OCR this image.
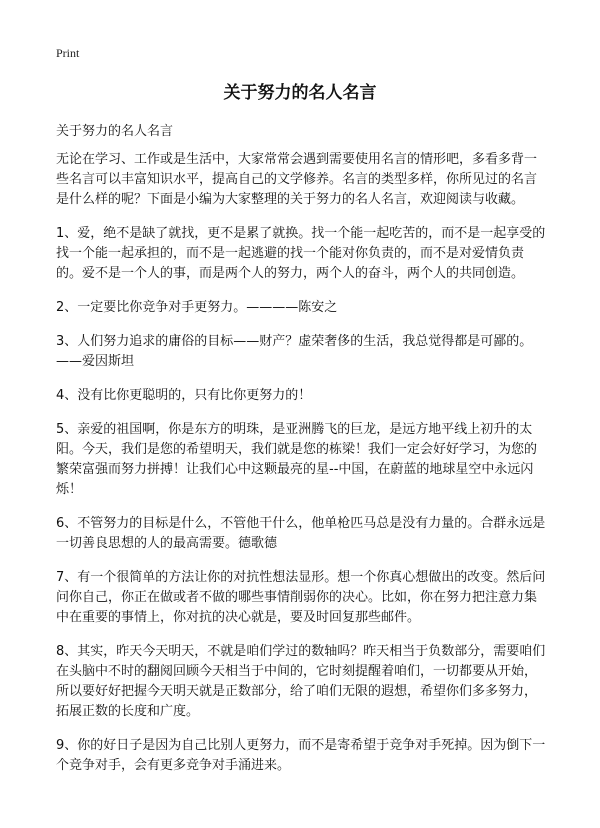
Print
关于努力的名人名言

关于努力的名人名言

无论在学习、工作或是生活中，大家常常会遇到需要使用名言的情形吧，多看多背一些名言可以丰富知识水平，提高自己的文学修养。名言的类型多样，你所见过的名言是什么样的呢？下面是小编为大家整理的关于努力的名人名言，欢迎阅读与收藏。

1、爱，绝不是缺了就找，更不是累了就换。找一个能一起吃苦的，而不是一起享受的找一个能一起承担的，而不是一起逃避的找一个能对你负责的，而不是对爱情负责的。爱不是一个人的事，而是两个人的努力，两个人的奋斗，两个人的共同创造。

2、一定要比你竞争对手更努力。————陈安之

3、人们努力追求的庸俗的目标——财产？虚荣奢侈的生活，我总觉得都是可鄙的。——爱因斯坦

4、没有比你更聪明的，只有比你更努力的！

5、亲爱的祖国啊，你是东方的明珠，是亚洲腾飞的巨龙，是远方地平线上初升的太阳。今天，我们是您的希望明天，我们就是您的栋梁！我们一定会好好学习，为您的繁荣富强而努力拼搏！让我们心中这颗最亮的星--中国，在蔚蓝的地球星空中永远闪烁！

6、不管努力的目标是什么，不管他干什么，他单枪匹马总是没有力量的。合群永远是一切善良思想的人的最高需要。德歌德

7、有一个很简单的方法让你的对抗性想法显形。想一个你真心想做出的改变。然后问问你自己，你正在做或者不做的哪些事情削弱你的决心。比如，你在努力把注意力集中在重要的事情上，你对抗的决心就是，要及时回复那些邮件。

8、其实，昨天今天明天，不就是咱们学过的数轴吗？昨天相当于负数部分，需要咱们在头脑中不时的翻阅回顾今天相当于中间的，它时刻提醒着咱们，一切都要从开始，所以要好好把握今天明天就是正数部分，给了咱们无限的遐想，希望你们多多努力，拓展正数的长度和广度。

9、你的好日子是因为自己比别人更努力，而不是寄希望于竞争对手死掉。因为倒下一个竞争对手，会有更多竞争对手涌进来。
